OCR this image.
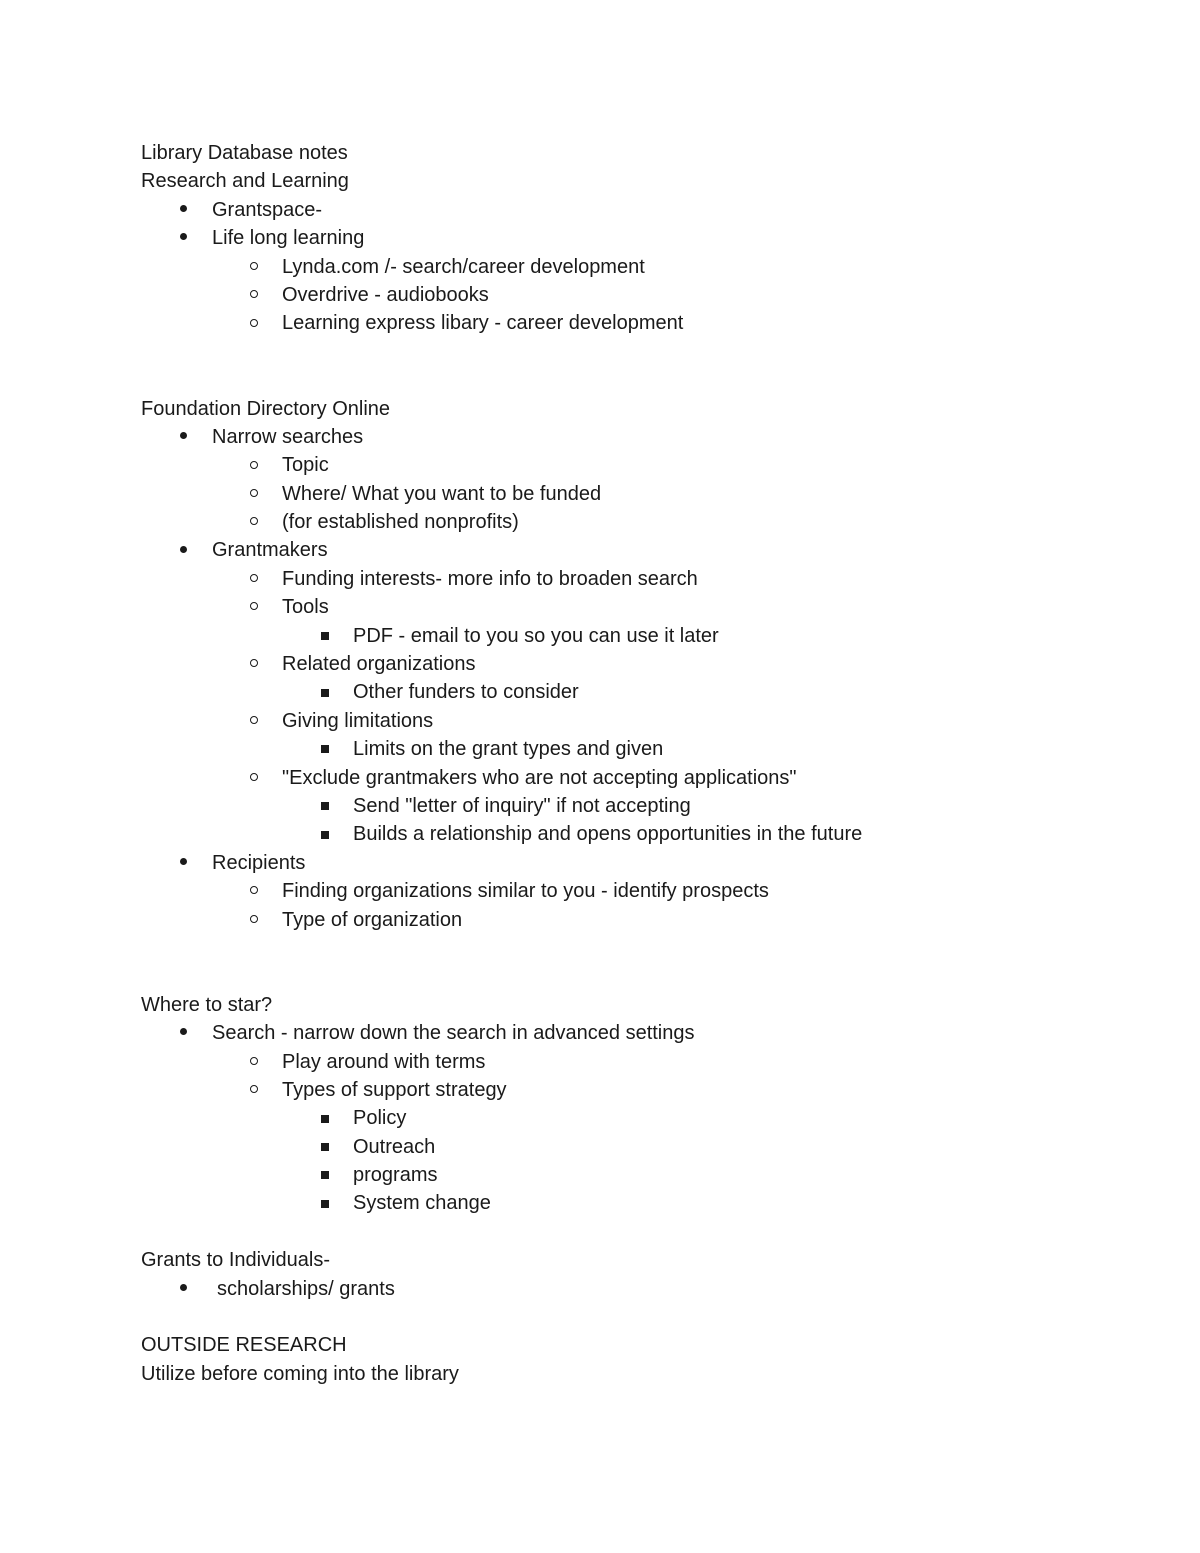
Library Database notes
Research and Learning
Grantspace-
Life long learning
Lynda.com /- search/career development
Overdrive - audiobooks
Learning express libary - career development
Foundation Directory Online
Narrow searches
Topic
Where/ What you want to be funded
(for established nonprofits)
Grantmakers
Funding interests- more info to broaden search
Tools
PDF - email to you so you can use it later
Related organizations
Other funders to consider
Giving limitations
Limits on the grant types and given
"Exclude grantmakers who are not accepting applications"
Send "letter of inquiry" if not accepting
Builds a relationship and opens opportunities in the future
Recipients
Finding organizations similar to you - identify prospects
Type of organization
Where to star?
Search - narrow down the search in advanced settings
Play around with terms
Types of support strategy
Policy
Outreach
programs
System change
Grants to Individuals-
scholarships/ grants
OUTSIDE RESEARCH
Utilize before coming into the library
